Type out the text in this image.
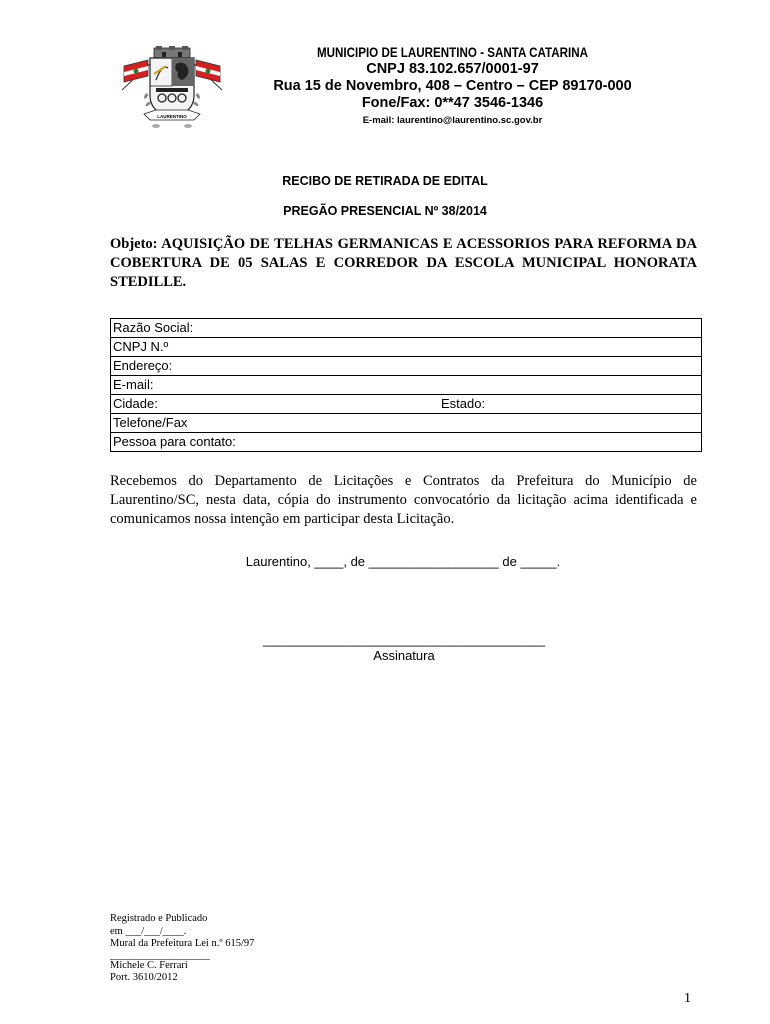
LAURENTINO
MUNICIPIO DE LAURENTINO - SANTA CATARINA
CNPJ 83.102.657/0001-97
Rua 15 de Novembro, 408 – Centro – CEP 89170-000
Fone/Fax: 0**47 3546-1346
E-mail: laurentino@laurentino.sc.gov.br
RECIBO DE RETIRADA DE EDITAL
PREGÃO PRESENCIAL Nº 38/2014
Objeto: AQUISIÇÃO DE TELHAS GERMANICAS E ACESSORIOS PARA REFORMA DA COBERTURA DE 05 SALAS E CORREDOR DA ESCOLA MUNICIPAL HONORATA STEDILLE.
Razão Social:
CNPJ N.º
Endereço:
E-mail:
Cidade:	Estado:

Telefone/Fax
Pessoa para contato:
Recebemos do Departamento de Licitações e Contratos da Prefeitura do Município de Laurentino/SC, nesta data, cópia do instrumento convocatório da licitação acima identificada e comunicamos nossa intenção em participar desta Licitação.
Laurentino, ____, de __________________ de _____.
_______________________________________
Assinatura
Registrado e Publicado
em ___/___/____.
Mural da Prefeitura Lei n.º 615/97
___________________
Michele C. Ferrari
Port. 3610/2012
1
